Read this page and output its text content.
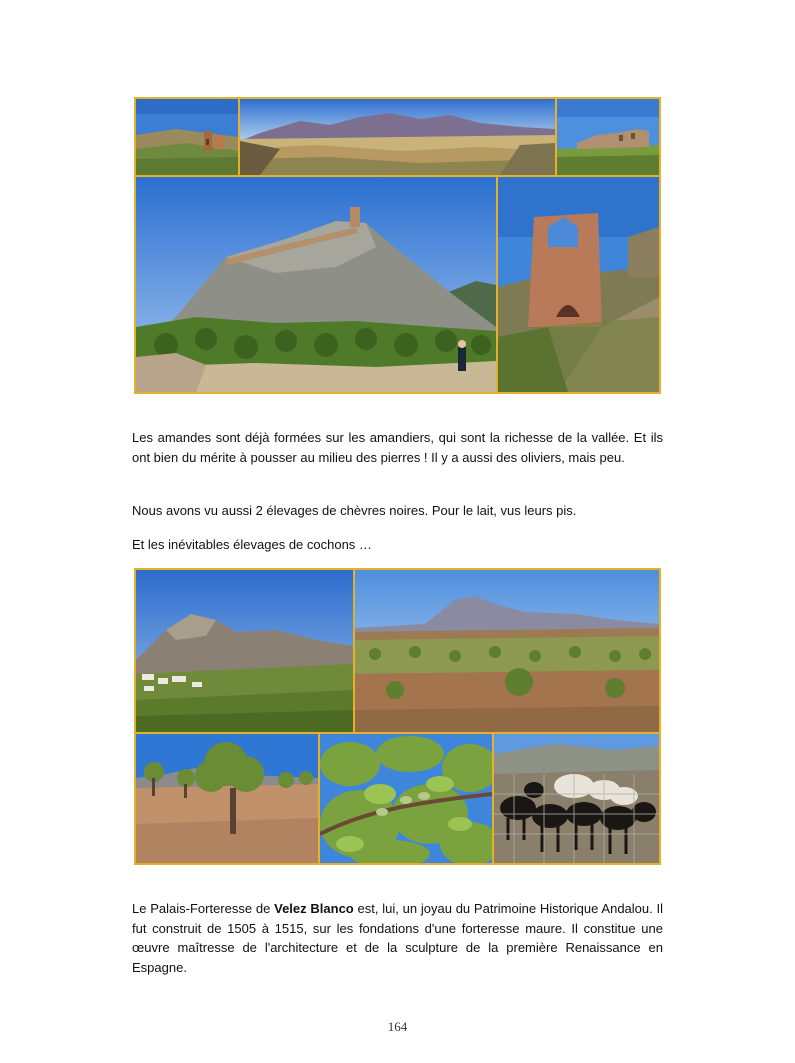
Les amandes sont déjà formées sur les amandiers, qui sont la richesse de la vallée. Et ils ont bien du mérite à pousser au milieu des pierres ! Il y a aussi des oliviers, mais peu.

Nous avons vu aussi 2 élevages de chèvres noires. Pour le lait, vus leurs pis.

Et les inévitables élevages de cochons …

Le Palais-Forteresse de Velez Blanco est, lui, un joyau du Patrimoine Historique Andalou. Il fut construit de 1505 à 1515, sur les fondations d'une forteresse maure. Il constitue une œuvre maîtresse de l'architecture et de la sculpture de la première Renaissance en Espagne.

164
